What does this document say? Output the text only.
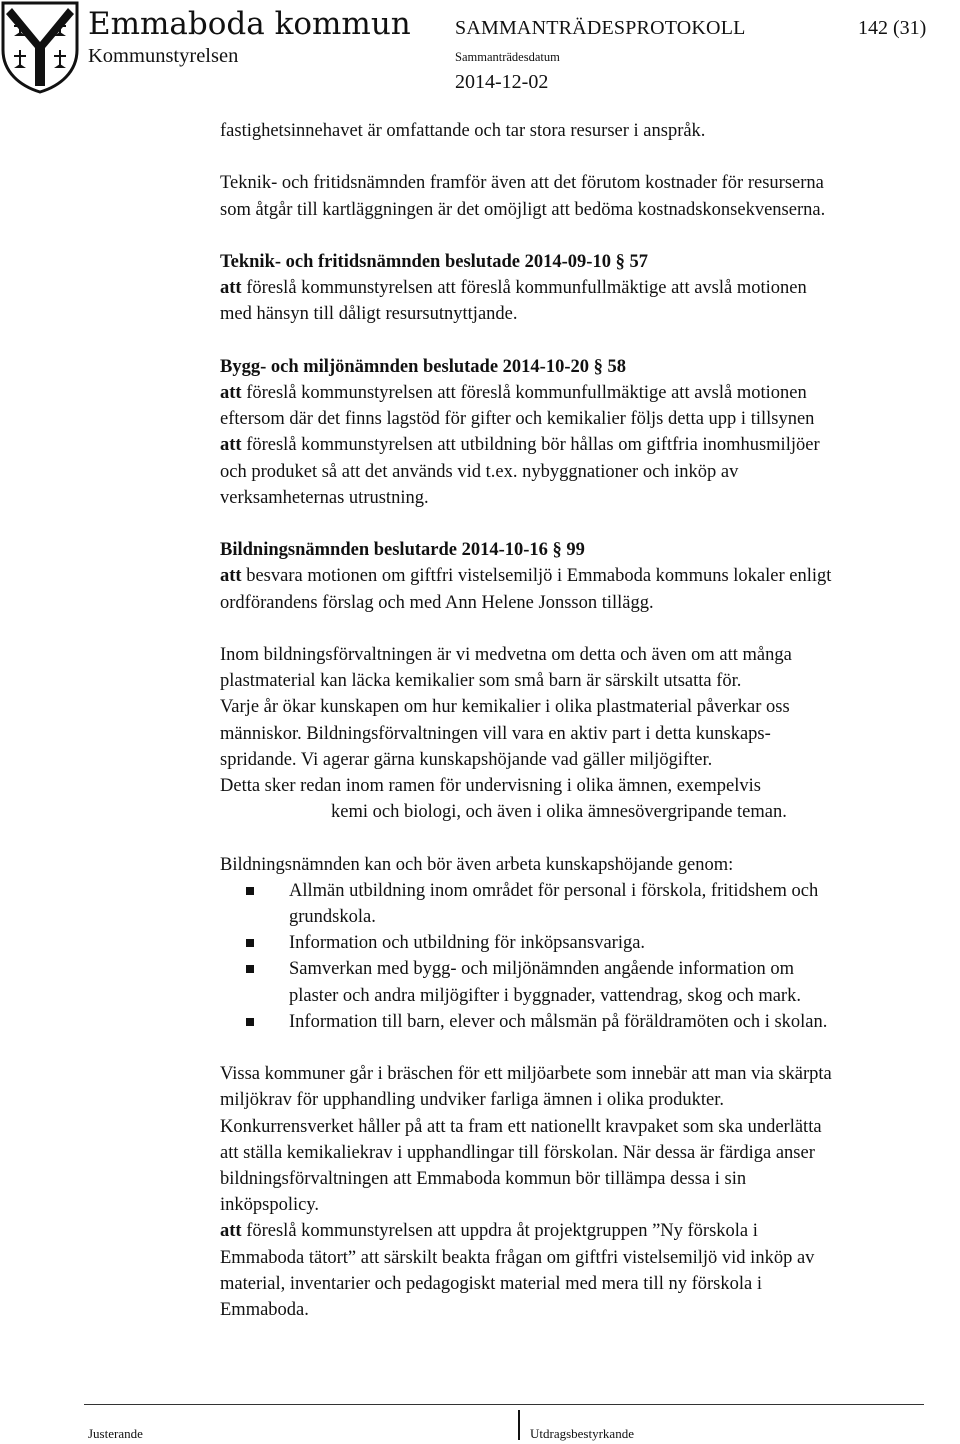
Emmaboda kommun
Kommunstyrelsen
SAMMANTRÄDESPROTOKOLL	142 (31)
Sammanträdesdatum
2014-12-02

fastighetsinnehavet är omfattande och tar stora resurser i anspråk.

Teknik- och fritidsnämnden framför även att det förutom kostnader för resurserna

som åtgår till kartläggningen är det omöjligt att bedöma kostnadskonsekvenserna.

Teknik- och fritidsnämnden beslutade 2014-09-10 § 57

att föreslå kommunstyrelsen att föreslå kommunfullmäktige att avslå motionen

med hänsyn till dåligt resursutnyttjande.

Bygg- och miljönämnden beslutade 2014-10-20 § 58

att föreslå kommunstyrelsen att föreslå kommunfullmäktige att avslå motionen

eftersom där det finns lagstöd för gifter och kemikalier följs detta upp i tillsynen

att föreslå kommunstyrelsen att utbildning bör hållas om giftfria inomhusmiljöer

och produket så att det används vid t.ex. nybyggnationer och inköp av

verksamheternas utrustning.

Bildningsnämnden beslutarde 2014-10-16 § 99

att besvara motionen om giftfri vistelsemiljö i Emmaboda kommuns lokaler enligt

ordförandens förslag och med Ann Helene Jonsson tillägg.

Inom bildningsförvaltningen är vi medvetna om detta och även om att många

plastmaterial kan läcka kemikalier som små barn är särskilt utsatta för.

Varje år ökar kunskapen om hur kemikalier i olika plastmaterial påverkar oss

människor. Bildningsförvaltningen vill vara en aktiv part i detta kunskaps-

spridande. Vi agerar gärna kunskapshöjande vad gäller miljögifter.

Detta sker redan inom ramen för undervisning i olika ämnen, exempelvis

kemi och biologi, och även i olika ämnesövergripande teman.

Bildningsnämnden kan och bör även arbeta kunskapshöjande genom:

Allmän utbildning inom området för personal i förskola, fritidshem och
grundskola.
Information och utbildning för inköpsansvariga.
Samverkan med bygg- och miljönämnden angående information om
plaster och andra miljögifter i byggnader, vattendrag, skog och mark.
Information till barn, elever och målsmän på föräldramöten och i skolan.

Vissa kommuner går i bräschen för ett miljöarbete som innebär att man via skärpta

miljökrav för upphandling undviker farliga ämnen i olika produkter.

Konkurrensverket håller på att ta fram ett nationellt kravpaket som ska underlätta

att ställa kemikaliekrav i upphandlingar till förskolan. När dessa är färdiga anser

bildningsförvaltningen att Emmaboda kommun bör tillämpa dessa i sin

inköpspolicy.

att föreslå kommunstyrelsen att uppdra åt projektgruppen ”Ny förskola i

Emmaboda tätort” att särskilt beakta frågan om giftfri vistelsemiljö vid inköp av

material, inventarier och pedagogiskt material med mera till ny förskola i

Emmaboda.

Justerande	Utdragsbestyrkande
